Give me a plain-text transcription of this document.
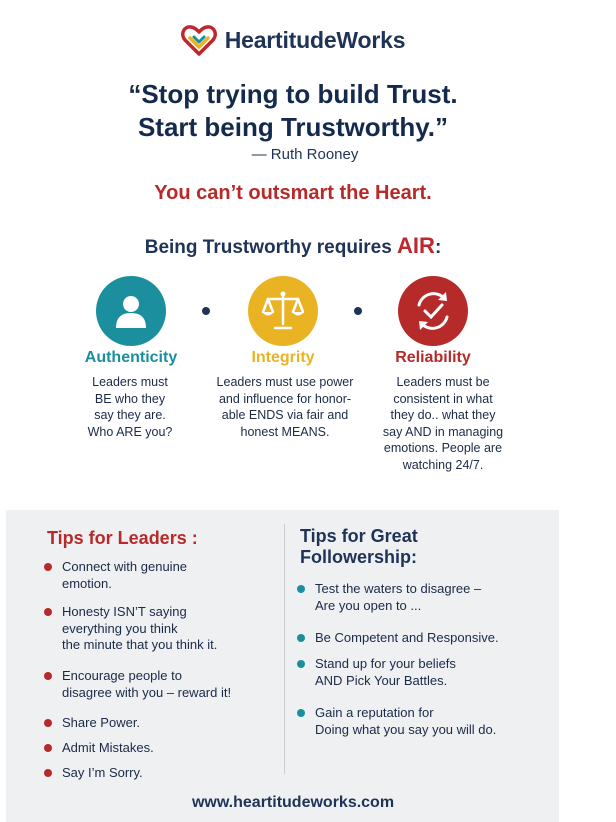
HeartitudeWorks
“Stop trying to build Trust.
Start being Trustworthy.”
— Ruth Rooney
You can’t outsmart the Heart.
Being Trustworthy requires AIR:
Authenticity	Integrity	Reliability
Leaders must
BE who they
say they are.
Who ARE you?
Leaders must use power
and influence for honor-
able ENDS via fair and
honest MEANS.
Leaders must be
consistent in what
they do.. what they
say AND in managing
emotions. People are
watching 24/7.
Tips for Leaders :
Connect with genuine
emotion.
Honesty ISN’T saying
everything you think
the minute that you think it.
Encourage people to
disagree with you – reward it!
Share Power.
Admit Mistakes.
Say I’m Sorry.
Tips for Great
Followership:
Test the waters to disagree –
Are you open to ...
Be Competent and Responsive.
Stand up for your beliefs
AND Pick Your Battles.
Gain a reputation for
Doing what you say you will do.
www.heartitudeworks.com
